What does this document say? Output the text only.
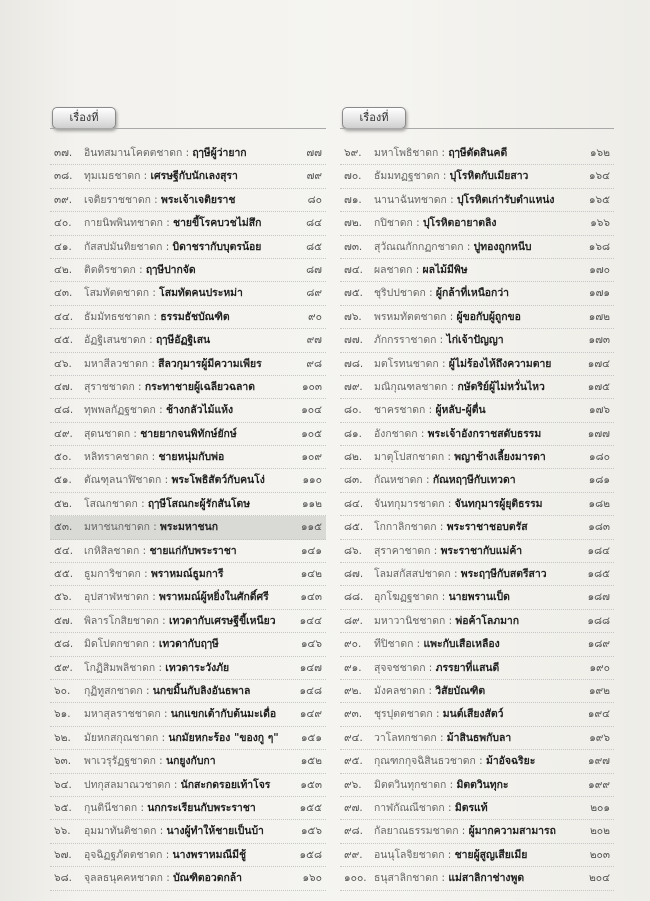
เรื่องที่
๓๗. อินทสมานโคตตชาดก : ฤๅษีผู้ว่ายาก	๗๗
๓๘. ทุมเมธชาดก : เศรษฐีกับนักเลงสุรา	๗๙
๓๙. เจติยราชชาดก : พระเจ้าเจติยราช	๘๐
๔๐. กายนิพพินทชาดก : ชายขี้โรคบวชไม่สึก	๘๔
๔๑. กัสสปมันทิยชาดก : บิดาชรากับบุตรน้อย	๘๕
๔๒. ติตติรชาดก : ฤๅษีปากจัด	๘๗
๔๓. โสมทัตตชาดก : โสมทัตคนประหม่า	๘๙
๔๔. ธัมมัทธชชาดก : ธรรมธัชบัณฑิต	๙๐
๔๕. อัฏฐิเสนชาดก : ฤๅษีอัฏฐิเสน	๙๗
๔๖. มหาสีลวชาดก : สีลวกุมารผู้มีความเพียร	๙๘
๔๗. สุราชชาดก : กระทาชายผู้เฉลียวฉลาด	๑๐๓
๔๘. ทุพพลกัฏฐชาดก : ช้างกลัวไม้แห้ง	๑๐๔
๔๙. สุดนชาดก : ชายยากจนพิทักษ์ยักษ์	๑๐๕
๕๐. หลิทราคชาดก : ชายหนุ่มกับพ่อ	๑๐๙
๕๑. ตัณฑุลนาฬิชาดก : พระโพธิสัตว์กับคนโง่	๑๑๐
๕๒. โสณกชาดก : ฤๅษีโสณกะผู้รักสันโดษ	๑๑๒
๕๓. มหาชนกชาดก : พระมหาชนก	๑๑๕
๕๔. เกหิสิลชาดก : ชายแก่กับพระราชา	๑๔๑
๕๕. ธูมการิชาดก : พราหมณ์ธูมการี	๑๔๒
๕๖. อุปสาฬหชาดก : พราหมณ์ผู้หยิ่งในศักดิ์ศรี	๑๔๓
๕๗. พิลารโกสิยชาดก : เทวดากับเศรษฐีขี้เหนียว	๑๔๔
๕๘. มิดโปตกชาดก : เทวดากับฤๅษี	๑๔๖
๕๙. โกฏิสิมพลิชาดก : เทวดาระวังภัย	๑๔๗
๖๐. กุฏิทูสกชาดก : นกขมิ้นกับลิงอันธพาล	๑๔๘
๖๑. มหาสุลราชชาดก : นกแขกเต้ากับต้นมะเดื่อ	๑๔๙
๖๒. มัยหกสกุณชาดก : นกมัยหกะร้อง "ของกู ๆ"	๑๕๑
๖๓. พาเวรุรัฏฐชาดก : นกยูงกับกา	๑๕๒
๖๔. ปทกุสลมาณวชาดก : นักสะกดรอยเท้าโจร	๑๕๓
๖๕. กุนตินีชาดก : นกกระเรียนกับพระราชา	๑๕๕
๖๖. อุมมาทันติชาดก : นางผู้ทำให้ชายเป็นบ้า	๑๕๖
๖๗. อุจฉิฏฐภัตตชาดก : นางพราหมณีมีชู้	๑๕๘
๖๘. จุลลธนุคคหชาดก : บัณฑิตอวดกล้า	๑๖๐
เรื่องที่
๖๙. มหาโพธิชาดก : ฤๅษีตัดสินคดี	๑๖๒
๗๐. ธัมมทฏฐชาดก : ปุโรหิตกับเมียสาว	๑๖๔
๗๑. นานาฉันทชาดก : ปุโรหิตเก่ารับตำแหน่ง	๑๖๕
๗๒. กปิชาดก : ปุโรหิตอายาตลิง	๑๖๖
๗๓. สุวัณณกักกฏกชาดก : ปูทองถูกหนีบ	๑๖๘
๗๔. ผลชาดก : ผลไม้มีพิษ	๑๗๐
๗๕. ชุริปปชาดก : ผู้กล้าที่เหนือกว่า	๑๗๑
๗๖. พรหมทัตตชาดก : ผู้ขอกับผู้ถูกขอ	๑๗๒
๗๗. ภักกรราชาดก : ไก่เจ้าปัญญา	๑๗๓
๗๘. มตโรทนชาดก : ผู้ไม่ร้องไห้ถึงความตาย	๑๗๔
๗๙. มณิกุณฑลชาดก : กษัตริย์ผู้ไม่หวั่นไหว	๑๗๕
๘๐. ชาครชาดก : ผู้หลับ-ผู้ตื่น	๑๗๖
๘๑. อังกชาดก : พระเจ้าอังกราชสดับธรรม	๑๗๗
๘๒. มาตุโปสกชาดก : พญาช้างเลี้ยงมารดา	๑๘๐
๘๓. กัณหชาดก : กัณหฤๅษีกับเทวดา	๑๘๑
๘๔. จันทกุมารชาดก : จันทกุมารผู้ยุติธรรม	๑๘๒
๘๕. โกกาลิกชาดก : พระราชาชอบตรัส	๑๘๓
๘๖. สุราคาชาดก : พระราชากับแม่ค้า	๑๘๔
๘๗. โลมสกัสสปชาดก : พระฤๅษีกับสตรีสาว	๑๘๕
๘๘. อุกโฆฏฐชาดก : นายพรานเป็ด	๑๘๗
๘๙. มหาวานิชชาดก : พ่อค้าโลภมาก	๑๘๘
๙๐. ทีปิชาดก : แพะกับเสือเหลือง	๑๘๙
๙๑. สุจจชชาดก : ภรรยาที่แสนดี	๑๙๐
๙๒. มังคลชาดก : วิสัยบัณฑิต	๑๙๒
๙๓. ชุรปุตตชาดก : มนต์เสียงสัตว์	๑๙๔
๙๔. วาโลทกชาดก : ม้าสินธพกับลา	๑๙๖
๙๕. กุณฑกกุจฉิสินธวชาดก : ม้าอัจฉริยะ	๑๙๗
๙๖. มิตตวินทุกชาดก : มิตตวินทุกะ	๑๙๙
๙๗. กาฬกัณณีชาดก : มิตรแท้	๒๐๑
๙๘. กัลยาณธรรมชาดก : ผู้มากความสามารถ	๒๐๒
๙๙. อนนุโลจิยชาดก : ชายผู้สูญเสียเมีย	๒๐๓
๑๐๐. ธนุสาลิกชาดก : แม่สาลิกาช่างพูด	๒๐๔
